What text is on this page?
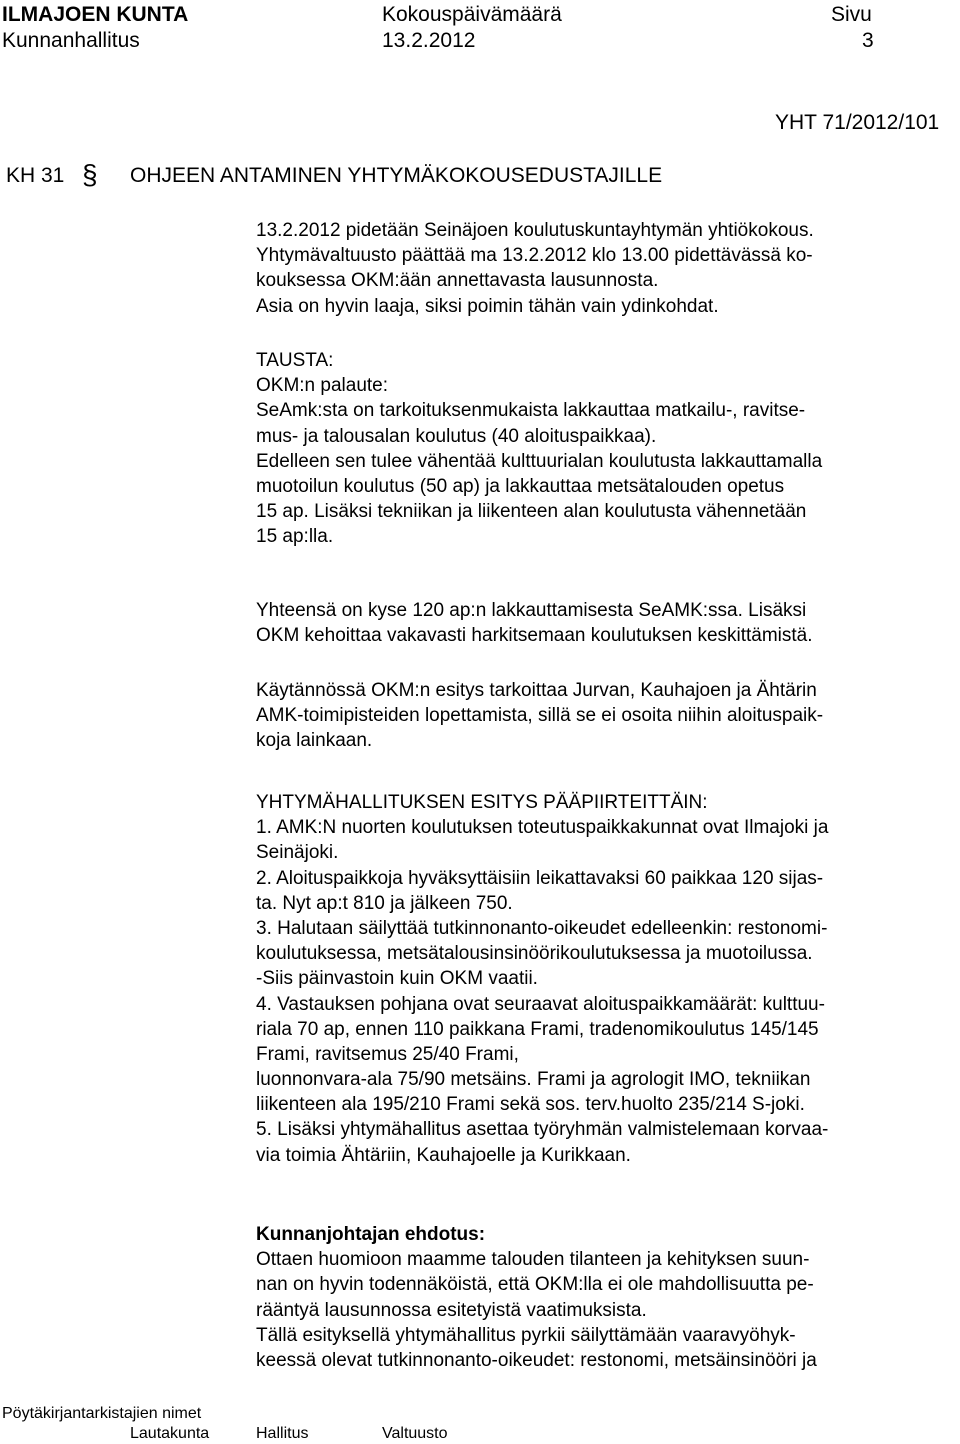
ILMAJOEN KUNTA
Kunnanhallitus
Kokouspäivämäärä
13.2.2012
Sivu
3
YHT 71/2012/101
KH 31 § OHJEEN ANTAMINEN YHTYMÄKOKOUSEDUSTAJILLE
13.2.2012 pidetään Seinäjoen koulutuskuntayhtymän yhtiökokous.
Yhtymävaltuusto päättää ma 13.2.2012 klo 13.00 pidettävässä ko-
kouksessa OKM:ään annettavasta lausunnosta.
Asia on hyvin laaja, siksi poimin tähän vain ydinkohdat.
TAUSTA:
OKM:n palaute:
SeAmk:sta on tarkoituksenmukaista lakkauttaa matkailu-, ravitse-
mus- ja talousalan koulutus (40 aloituspaikkaa).
Edelleen sen tulee vähentää kulttuurialan koulutusta lakkauttamalla
muotoilun koulutus (50 ap) ja lakkauttaa metsätalouden opetus
15 ap. Lisäksi tekniikan ja liikenteen alan koulutusta vähennetään
15 ap:lla.
Yhteensä on kyse 120 ap:n lakkauttamisesta SeAMK:ssa. Lisäksi
OKM kehoittaa vakavasti harkitsemaan koulutuksen keskittämistä.
Käytännössä OKM:n esitys tarkoittaa Jurvan, Kauhajoen ja Ähtärin
AMK-toimipisteiden lopettamista, sillä se ei osoita niihin aloituspaik-
koja lainkaan.
YHTYMÄHALLITUKSEN ESITYS PÄÄPIIRTEITTÄIN:
1. AMK:N nuorten koulutuksen toteutuspaikkakunnat ovat Ilmajoki ja
Seinäjoki.
2. Aloituspaikkoja hyväksyttäisiin leikattavaksi 60 paikkaa 120 sijas-
ta. Nyt ap:t 810 ja jälkeen 750.
3. Halutaan säilyttää tutkinnonanto-oikeudet edelleenkin: restonomi-
koulutuksessa, metsätalousinsinöörikoulutuksessa ja muotoilussa.
-Siis päinvastoin kuin OKM vaatii.
4. Vastauksen pohjana ovat seuraavat aloituspaikkamäärät: kulttuu-
riala 70 ap, ennen 110 paikkana Frami, tradenomikoulutus 145/145
Frami, ravitsemus 25/40 Frami,
luonnonvara-ala 75/90 metsäins. Frami ja agrologit IMO, tekniikan
liikenteen ala 195/210 Frami sekä sos. terv.huolto 235/214 S-joki.
5. Lisäksi yhtymähallitus asettaa työryhmän valmistelemaan korvaa-
via toimia Ähtäriin, Kauhajoelle ja Kurikkaan.
Kunnanjohtajan ehdotus:
Ottaen huomioon maamme talouden tilanteen ja kehityksen suun-
nan on hyvin todennäköistä, että OKM:lla ei ole mahdollisuutta pe-
rääntyä lausunnossa esitetyistä vaatimuksista.
Tällä esityksellä yhtymähallitus pyrkii säilyttämään vaaravyöhyk-
keessä olevat tutkinnonanto-oikeudet: restonomi, metsäinsinööri ja
Pöytäkirjantarkistajien nimet
Lautakunta	Hallitus	Valtuusto
